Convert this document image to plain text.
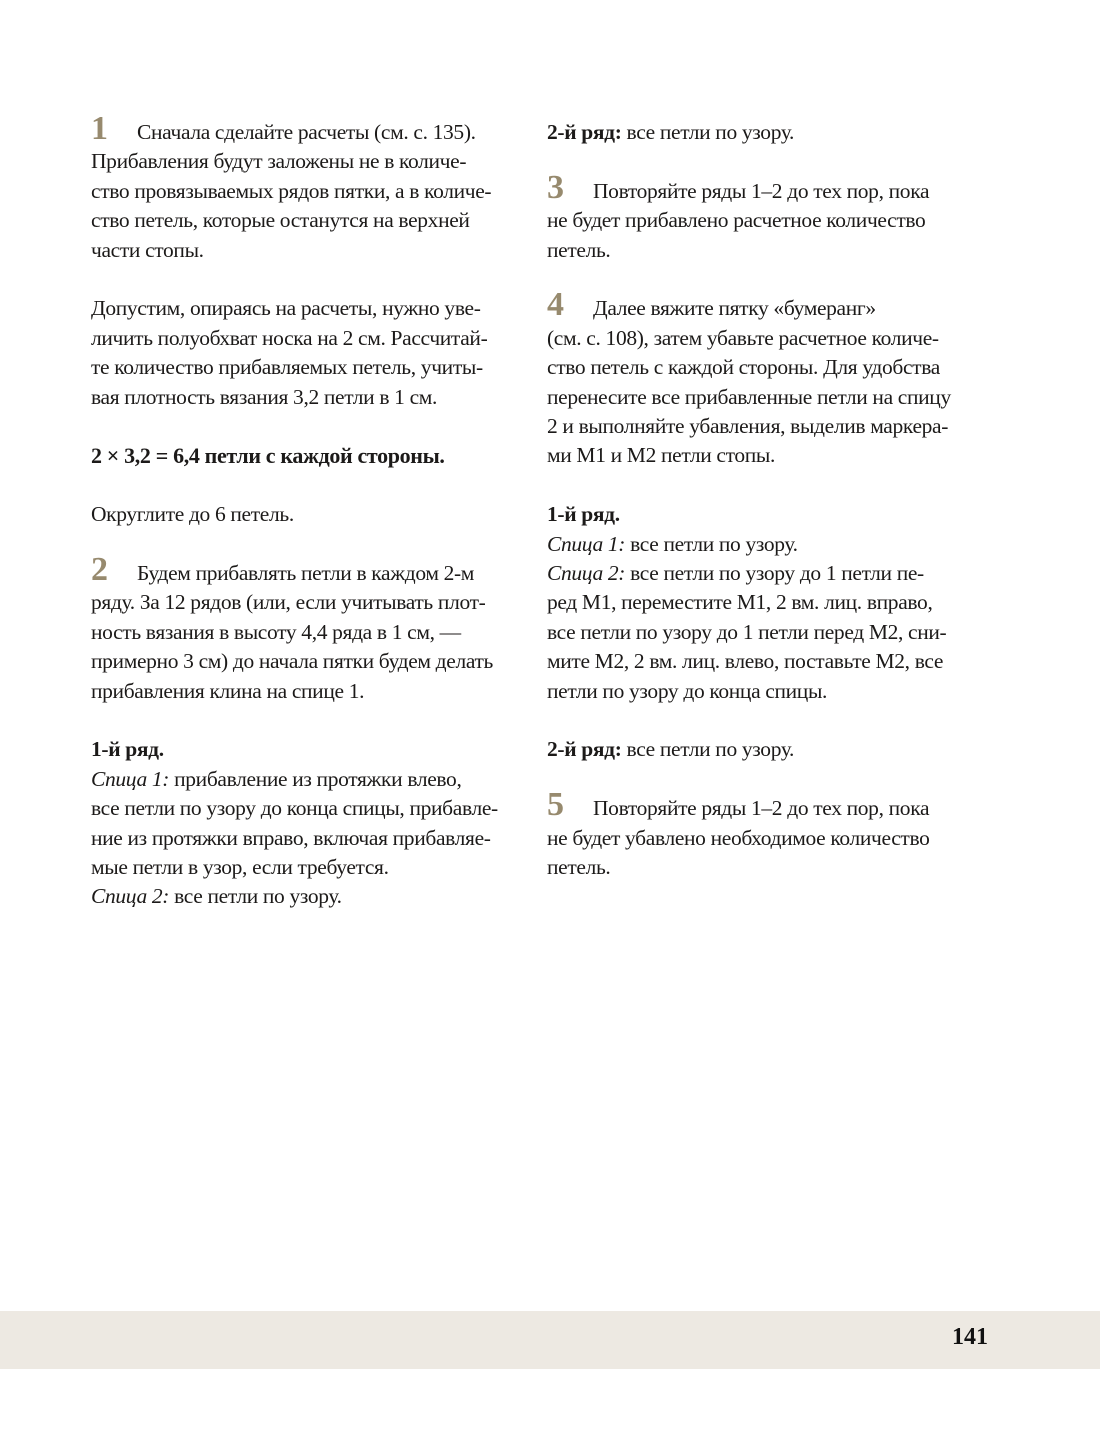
1 Сначала сделайте расчеты (см. с. 135).

Прибавления будут заложены не в количе-

ство провязываемых рядов пятки, а в количе-

ство петель, которые останутся на верхней

части стопы.

Допустим, опираясь на расчеты, нужно уве-

личить полуобхват носка на 2 см. Рассчитай-

те количество прибавляемых петель, учиты-

вая плотность вязания 3,2 петли в 1 см.

2 × 3,2 = 6,4 петли с каждой стороны.

Округлите до 6 петель.

2 Будем прибавлять петли в каждом 2-м

ряду. За 12 рядов (или, если учитывать плот-

ность вязания в высоту 4,4 ряда в 1 см, —

примерно 3 см) до начала пятки будем делать

прибавления клина на спице 1.

1-й ряд.

Спица 1: прибавление из протяжки влево,

все петли по узору до конца спицы, прибавле-

ние из протяжки вправо, включая прибавляе-

мые петли в узор, если требуется.

Спица 2: все петли по узору.

2-й ряд: все петли по узору.

3 Повторяйте ряды 1–2 до тех пор, пока

не будет прибавлено расчетное количество

петель.

4 Далее вяжите пятку «бумеранг»

(см. с. 108), затем убавьте расчетное количе-

ство петель с каждой стороны. Для удобства

перенесите все прибавленные петли на спицу

2 и выполняйте убавления, выделив маркера-

ми М1 и М2 петли стопы.

1-й ряд.

Спица 1: все петли по узору.

Спица 2: все петли по узору до 1 петли пе-

ред М1, переместите М1, 2 вм. лиц. вправо,

все петли по узору до 1 петли перед М2, сни-

мите М2, 2 вм. лиц. влево, поставьте М2, все

петли по узору до конца спицы.

2-й ряд: все петли по узору.

5 Повторяйте ряды 1–2 до тех пор, пока

не будет убавлено необходимое количество

петель.

141
